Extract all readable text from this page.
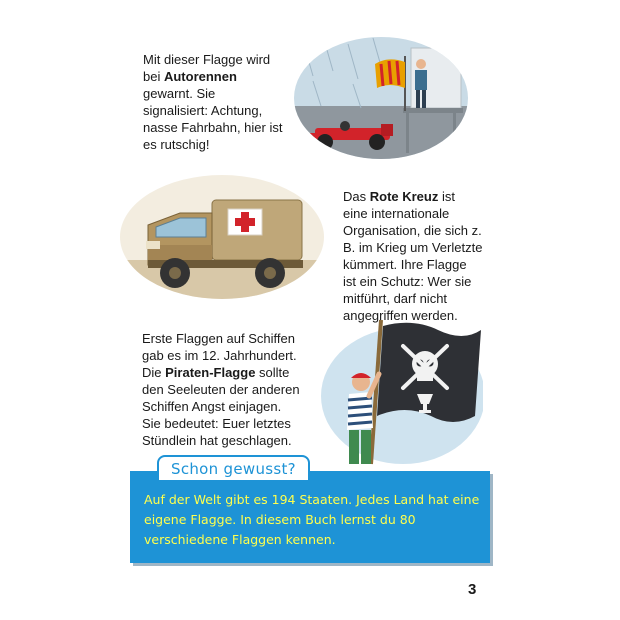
Mit dieser Flagge wird bei Autorennen gewarnt. Sie signalisiert: Achtung, nasse Fahrbahn, hier ist es rutschig!
Das Rote Kreuz ist eine internationale Organisation, die sich z. B. im Krieg um Verletzte kümmert. Ihre Flagge ist ein Schutz: Wer sie mitführt, darf nicht angegriffen werden.
Erste Flaggen auf Schiffen gab es im 12. Jahrhundert. Die Piraten-Flagge sollte den Seeleuten der anderen Schiffen Angst einjagen. Sie bedeutet: Euer letztes Stündlein hat geschlagen.
Schon gewusst?
Auf der Welt gibt es 194 Staaten. Jedes Land hat eine eigene Flagge. In diesem Buch lernst du 80 verschiedene Flaggen kennen.
3
